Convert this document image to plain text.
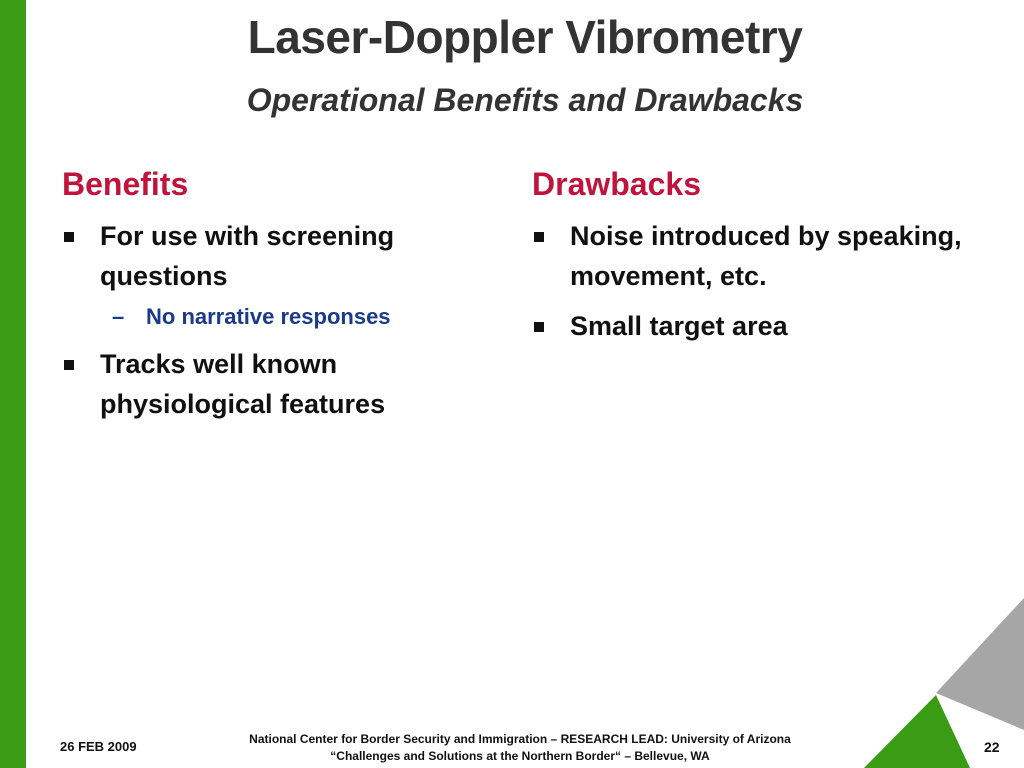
Laser-Doppler Vibrometry
Operational Benefits and Drawbacks
Benefits
For use with screening questions
– No narrative responses
Tracks well known physiological features
Drawbacks
Noise introduced by speaking, movement, etc.
Small target area
26 FEB 2009	National Center for Border Security and Immigration – RESEARCH LEAD: University of Arizona
“Challenges and Solutions at the Northern Border“ – Bellevue, WA
22
